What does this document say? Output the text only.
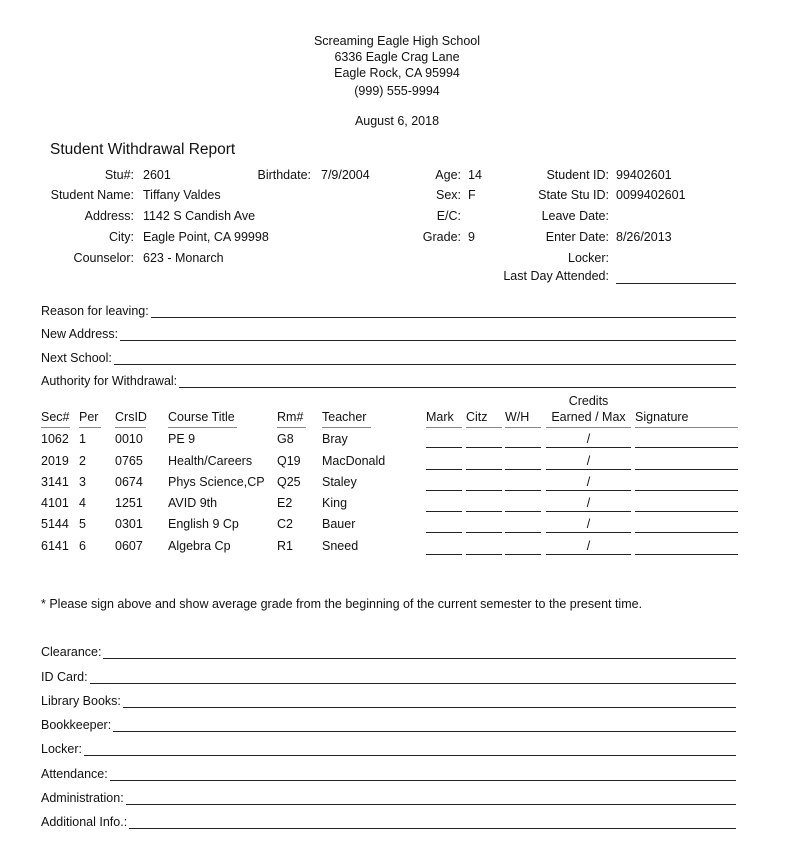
Screaming Eagle High School
6336 Eagle Crag Lane
Eagle Rock, CA 95994
(999) 555-9994
August 6, 2018
Student Withdrawal Report
* Please sign above and show average grade from the beginning of the current semester to the present time.
Stu#: 2601
Student Name: Tiffany Valdes
Address: 1142 S Candish Ave
City: Eagle Point, CA 99998
Counselor: 623 - Monarch
Birthdate: 7/9/2004	Age: 14
Sex: F
E/C:
Grade: 9
Student ID: 99402601
State Stu ID: 0099402601
Leave Date:
Enter Date: 8/26/2013
Locker:
Last Day Attended:
Reason for leaving:
New Address:
Next School:
Authority for Withdrawal:
Clearance:
ID Card:
Library Books:
Bookkeeper:
Locker:
Attendance:
Administration:
Additional Info.:
Sec# Per CrsID Course Title	Rm# Teacher	Mark Citz W/H
Credits
Earned / Max Signature
1062 1 0010 PE 9	G8 Bray	/
2019 2 0765 Health/Careers Q19 MacDonald	/
3141 3 0674 Phys Science,CP Q25 Staley	/
4101 4 1251 AVID 9th	E2 King	/
5144 5 0301 English 9 Cp	C2 Bauer	/
6141 6 0607 Algebra Cp	R1 Sneed	/
